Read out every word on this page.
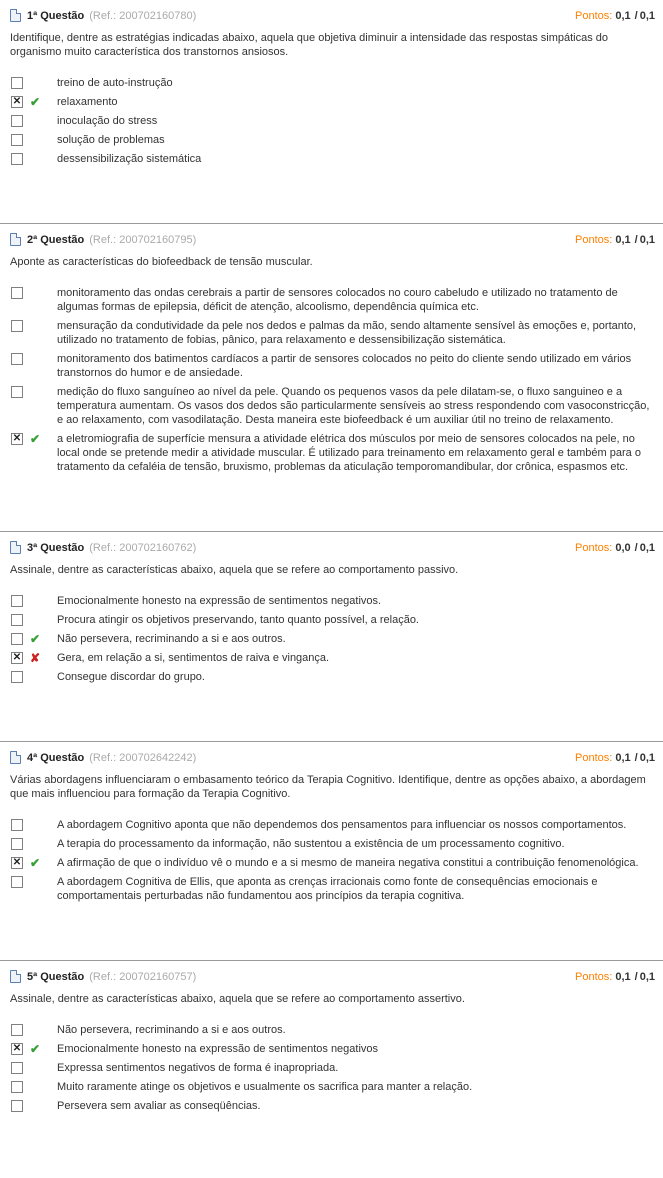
1ª Questão (Ref.: 200702160780)	Pontos: 0,1 / 0,1
Identifique, dentre as estratégias indicadas abaixo, aquela que objetiva diminuir a intensidade das respostas simpáticas do organismo muito característica dos transtornos ansiosos.
treino de auto-instrução
✕ ✔	relaxamento
inoculação do stress
solução de problemas
dessensibilização sistemática
2ª Questão (Ref.: 200702160795)	Pontos: 0,1 / 0,1
Aponte as características do biofeedback de tensão muscular.
monitoramento das ondas cerebrais a partir de sensores colocados no couro cabeludo e utilizado no tratamento de algumas formas de epilepsia, déficit de atenção, alcoolismo, dependência química etc.
mensuração da condutividade da pele nos dedos e palmas da mão, sendo altamente sensível às emoções e, portanto, utilizado no tratamento de fobias, pânico, para relaxamento e dessensibilização sistemática.
monitoramento dos batimentos cardíacos a partir de sensores colocados no peito do cliente sendo utilizado em vários transtornos do humor e de ansiedade.
medição do fluxo sanguíneo ao nível da pele. Quando os pequenos vasos da pele dilatam-se, o fluxo sanguineo e a temperatura aumentam. Os vasos dos dedos são particularmente sensíveis ao stress respondendo com vasoconstricção, e ao relaxamento, com vasodilatação. Desta maneira este biofeedback é um auxiliar útil no treino de relaxamento.
✕ ✔	a eletromiografia de superfície mensura a atividade elétrica dos músculos por meio de sensores colocados na pele, no local onde se pretende medir a atividade muscular. É utilizado para treinamento em relaxamento geral e também para o tratamento da cefaléia de tensão, bruxismo, problemas da aticulação temporomandibular, dor crônica, espasmos etc.
3ª Questão (Ref.: 200702160762)	Pontos: 0,0 / 0,1
Assinale, dentre as características abaixo, aquela que se refere ao comportamento passivo.
Emocionalmente honesto na expressão de sentimentos negativos.
Procura atingir os objetivos preservando, tanto quanto possível, a relação.
✔	Não persevera, recriminando a si e aos outros.
✕ ✘	Gera, em relação a si, sentimentos de raiva e vingança.
Consegue discordar do grupo.
4ª Questão (Ref.: 200702642242)	Pontos: 0,1 / 0,1
Várias abordagens influenciaram o embasamento teórico da Terapia Cognitivo. Identifique, dentre as opções abaixo, a abordagem que mais influenciou para formação da Terapia Cognitivo.
A abordagem Cognitivo aponta que não dependemos dos pensamentos para influenciar os nossos comportamentos.
A terapia do processamento da informação, não sustentou a existência de um processamento cognitivo.
✕ ✔	A afirmação de que o indivíduo vê o mundo e a si mesmo de maneira negativa constitui a contribuição fenomenológica.
A abordagem Cognitiva de Ellis, que aponta as crenças irracionais como fonte de consequências emocionais e comportamentais perturbadas não fundamentou aos princípios da terapia cognitiva.
5ª Questão (Ref.: 200702160757)	Pontos: 0,1 / 0,1
Assinale, dentre as características abaixo, aquela que se refere ao comportamento assertivo.
Não persevera, recriminando a si e aos outros.
✕ ✔	Emocionalmente honesto na expressão de sentimentos negativos
Expressa sentimentos negativos de forma é inapropriada.
Muito raramente atinge os objetivos e usualmente os sacrifica para manter a relação.
Persevera sem avaliar as conseqüências.
